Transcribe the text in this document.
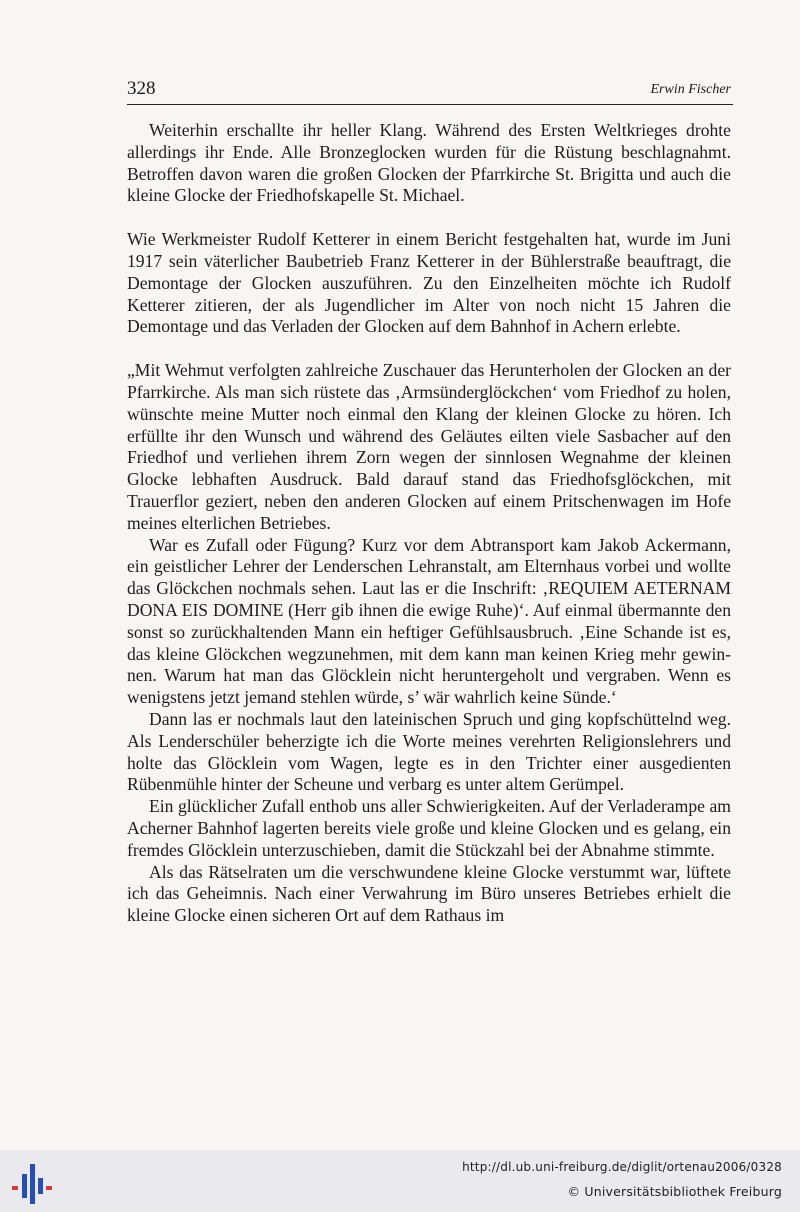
328	Erwin Fischer

Weiterhin erschallte ihr heller Klang. Während des Ersten Weltkrieges drohte allerdings ihr Ende. Alle Bronzeglocken wurden für die Rüstung beschlagnahmt. Betroffen davon waren die großen Glocken der Pfarrkirche St. Brigitta und auch die kleine Glocke der Friedhofskapelle St. Michael.

Wie Werkmeister Rudolf Ketterer in einem Bericht festgehalten hat, wurde im Juni 1917 sein väterlicher Baubetrieb Franz Ketterer in der Bühlerstraße beauftragt, die Demontage der Glocken auszuführen. Zu den Einzelheiten möchte ich Rudolf Ketterer zitieren, der als Jugendlicher im Alter von noch nicht 15 Jahren die Demontage und das Verladen der Glocken auf dem Bahnhof in Achern erlebte.

„Mit Wehmut verfolgten zahlreiche Zuschauer das Herunterholen der Glocken an der Pfarrkirche. Als man sich rüstete das ‚Armsünderglöckchen‘ vom Friedhof zu holen, wünschte meine Mutter noch einmal den Klang der kleinen Glocke zu hören. Ich erfüllte ihr den Wunsch und während des Geläutes eilten viele Sasbacher auf den Friedhof und verliehen ihrem Zorn wegen der sinnlosen Wegnahme der kleinen Glocke lebhaften Ausdruck. Bald darauf stand das Friedhofsglöckchen, mit Trauerflor geziert, neben den anderen Glocken auf einem Pritschenwagen im Hofe meines elterlichen Betriebes.

War es Zufall oder Fügung? Kurz vor dem Abtransport kam Jakob Ackermann, ein geistlicher Lehrer der Lenderschen Lehranstalt, am Elternhaus vorbei und wollte das Glöckchen nochmals sehen. Laut las er die Inschrift: ‚REQUIEM AETERNAM DONA EIS DOMINE (Herr gib ihnen die ewige Ruhe)‘. Auf einmal übermannte den sonst so zurückhaltenden Mann ein heftiger Gefühlsausbruch. ‚Eine Schande ist es, das kleine Glöckchen wegzunehmen, mit dem kann man keinen Krieg mehr gewinnen. Warum hat man das Glöcklein nicht heruntergeholt und vergraben. Wenn es wenigstens jetzt jemand stehlen würde, s’ wär wahrlich keine Sünde.‘

Dann las er nochmals laut den lateinischen Spruch und ging kopfschüttelnd weg. Als Lenderschüler beherzigte ich die Worte meines verehrten Religionslehrers und holte das Glöcklein vom Wagen, legte es in den Trichter einer ausgedienten Rübenmühle hinter der Scheune und verbarg es unter altem Gerümpel.

Ein glücklicher Zufall enthob uns aller Schwierigkeiten. Auf der Verladerampe am Acherner Bahnhof lagerten bereits viele große und kleine Glocken und es gelang, ein fremdes Glöcklein unterzuschieben, damit die Stückzahl bei der Abnahme stimmte.

Als das Rätselraten um die verschwundene kleine Glocke verstummt war, lüftete ich das Geheimnis. Nach einer Verwahrung im Büro unseres Betriebes erhielt die kleine Glocke einen sicheren Ort auf dem Rathaus im

http://dl.ub.uni-freiburg.de/diglit/ortenau2006/0328
© Universitätsbibliothek Freiburg
